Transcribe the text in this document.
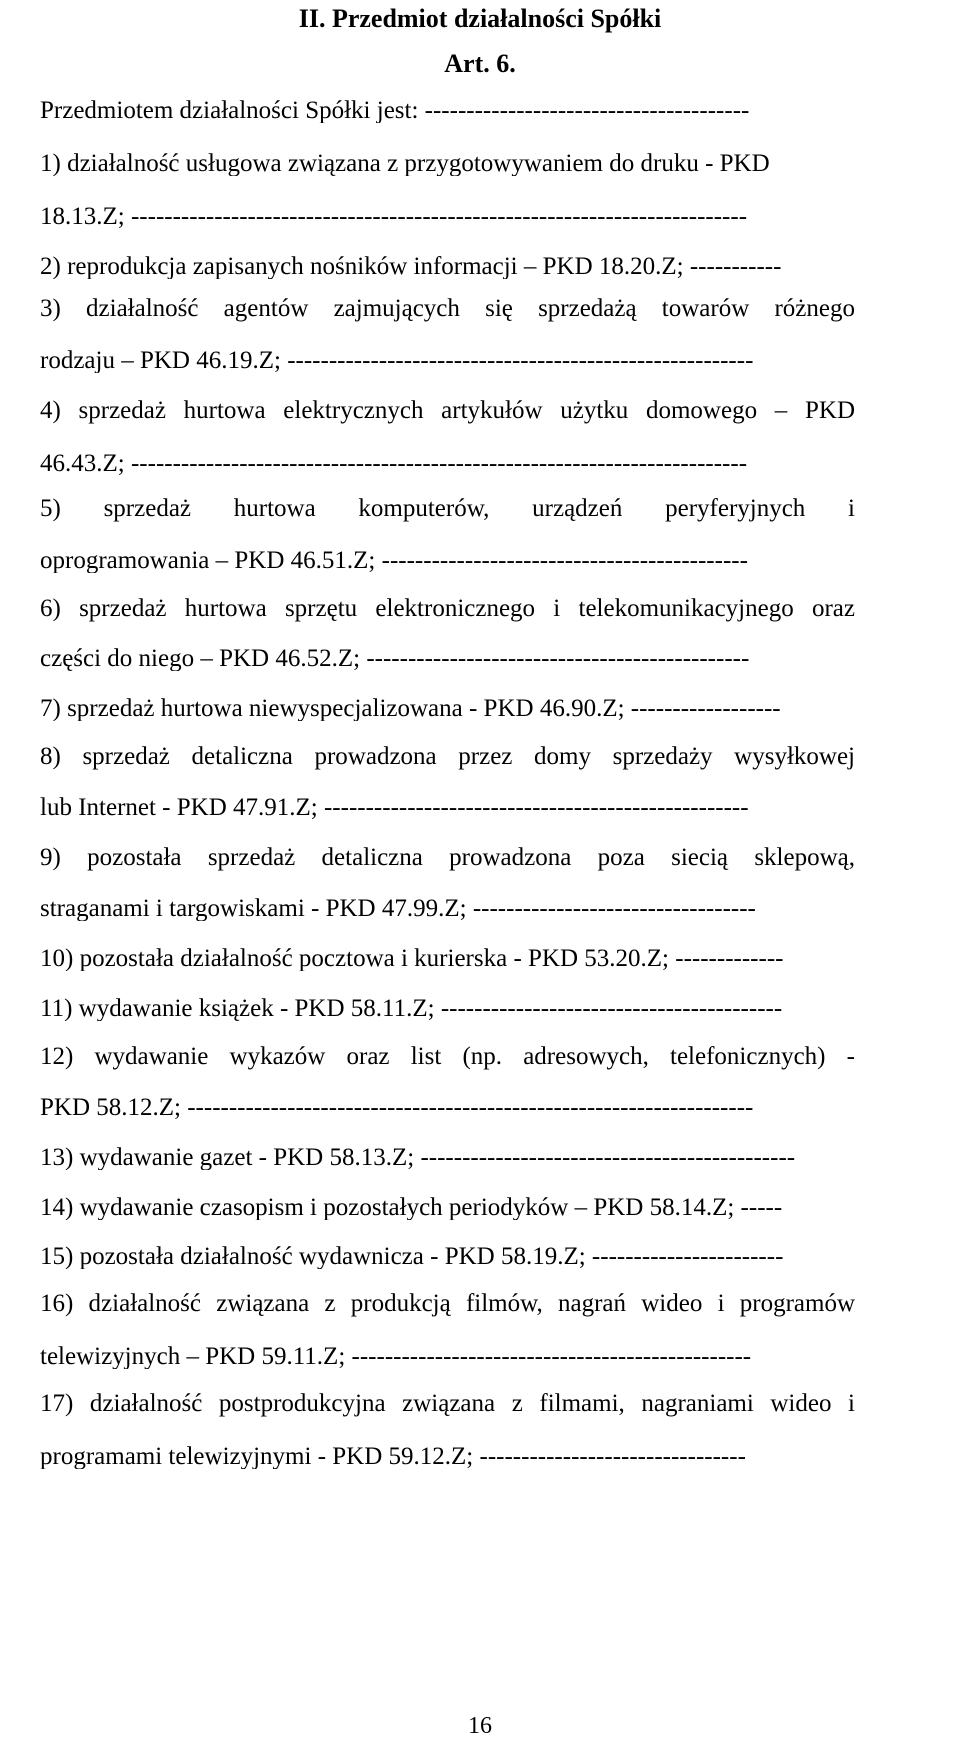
II. Przedmiot działalności Spółki
Art. 6.
Przedmiotem działalności Spółki jest: ---------------------------------------
1) działalność usługowa związana z przygotowywaniem do druku - PKD
18.13.Z; --------------------------------------------------------------------------
2) reprodukcja zapisanych nośników informacji – PKD 18.20.Z; -----------
3) działalność agentów zajmujących się sprzedażą towarów różnego
rodzaju – PKD 46.19.Z; --------------------------------------------------------
4) sprzedaż hurtowa elektrycznych artykułów użytku domowego – PKD
46.43.Z; --------------------------------------------------------------------------
5) sprzedaż hurtowa komputerów, urządzeń peryferyjnych i
oprogramowania – PKD 46.51.Z; --------------------------------------------
6) sprzedaż hurtowa sprzętu elektronicznego i telekomunikacyjnego oraz
części do niego – PKD 46.52.Z; ----------------------------------------------
7) sprzedaż hurtowa niewyspecjalizowana - PKD 46.90.Z; ------------------
8) sprzedaż detaliczna prowadzona przez domy sprzedaży wysyłkowej
lub Internet - PKD 47.91.Z; ---------------------------------------------------
9) pozostała sprzedaż detaliczna prowadzona poza siecią sklepową,
straganami i targowiskami - PKD 47.99.Z; ----------------------------------
10) pozostała działalność pocztowa i kurierska - PKD 53.20.Z; -------------
11) wydawanie książek - PKD 58.11.Z; -----------------------------------------
12) wydawanie wykazów oraz list (np. adresowych, telefonicznych) -
PKD 58.12.Z; --------------------------------------------------------------------
13) wydawanie gazet - PKD 58.13.Z; ---------------------------------------------
14) wydawanie czasopism i pozostałych periodyków – PKD 58.14.Z; -----
15) pozostała działalność wydawnicza - PKD 58.19.Z; -----------------------
16) działalność związana z produkcją filmów, nagrań wideo i programów
telewizyjnych – PKD 59.11.Z; ------------------------------------------------
17) działalność postprodukcyjna związana z filmami, nagraniami wideo i
programami telewizyjnymi - PKD 59.12.Z; --------------------------------
16
